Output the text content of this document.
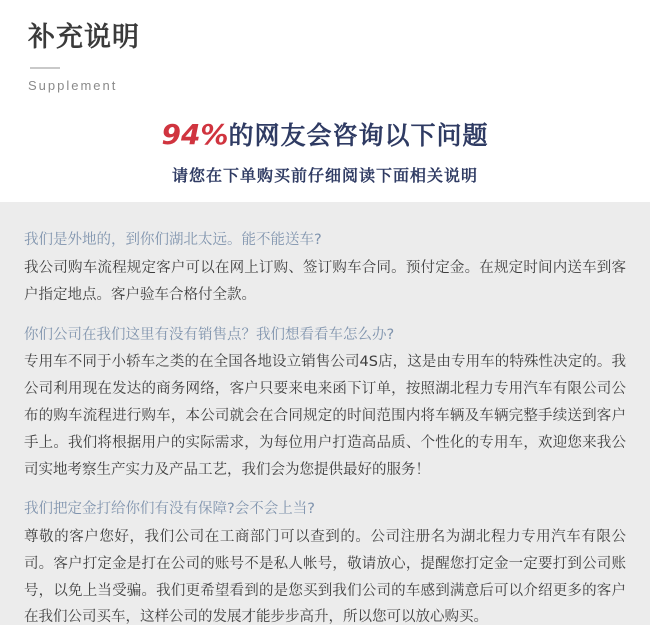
补充说明
Supplement
94%的网友会咨询以下问题
请您在下单购买前仔细阅读下面相关说明
我们是外地的，到你们湖北太远。能不能送车?
我公司购车流程规定客户可以在网上订购、签订购车合同。预付定金。在规定时间内送车到客户指定地点。客户验车合格付全款。
你们公司在我们这里有没有销售点？我们想看看车怎么办?
专用车不同于小轿车之类的在全国各地设立销售公司4S店，这是由专用车的特殊性决定的。我公司利用现在发达的商务网络，客户只要来电来函下订单，按照湖北程力专用汽车有限公司公布的购车流程进行购车，本公司就会在合同规定的时间范围内将车辆及车辆完整手续送到客户手上。我们将根据用户的实际需求，为每位用户打造高品质、个性化的专用车，欢迎您来我公司实地考察生产实力及产品工艺，我们会为您提供最好的服务！
我们把定金打给你们有没有保障?会不会上当?
尊敬的客户您好，我们公司在工商部门可以查到的。公司注册名为湖北程力专用汽车有限公司。客户打定金是打在公司的账号不是私人帐号，敬请放心，提醒您打定金一定要打到公司账号，以免上当受骗。我们更希望看到的是您买到我们公司的车感到满意后可以介绍更多的客户在我们公司买车，这样公司的发展才能步步高升，所以您可以放心购买。
